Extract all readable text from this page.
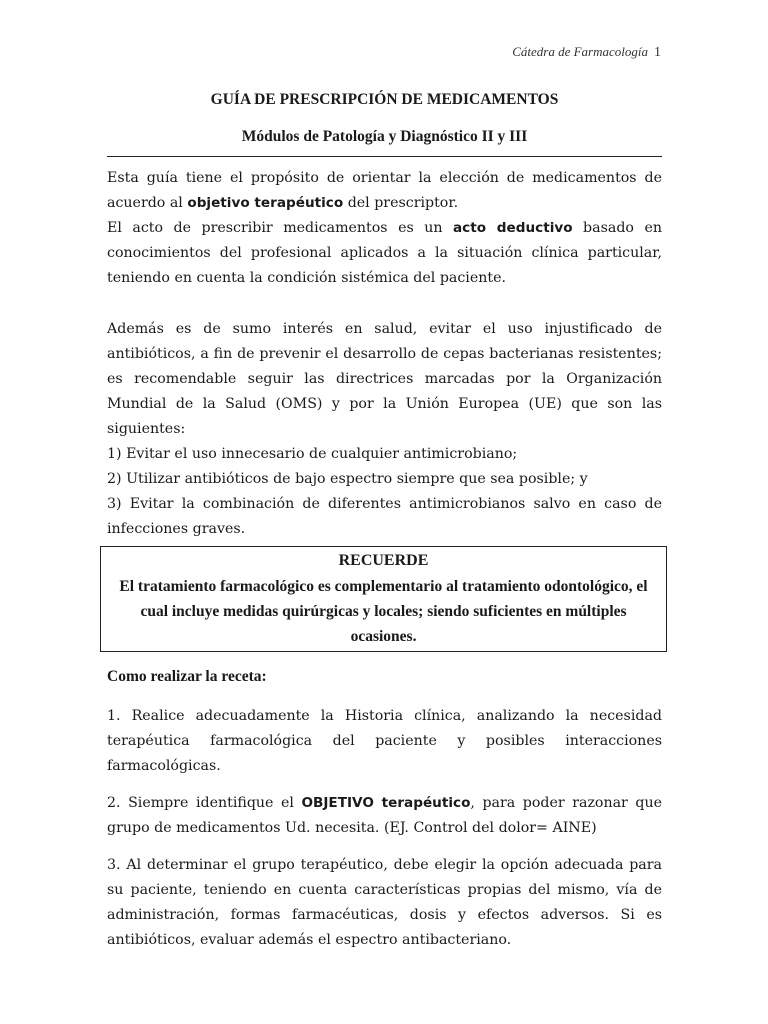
Cátedra de Farmacología 1
GUÍA DE PRESCRIPCIÓN DE MEDICAMENTOS
Módulos de Patología y Diagnóstico II y III

Esta guía tiene el propósito de orientar la elección de medicamentos de acuerdo al objetivo terapéutico del prescriptor.

El acto de prescribir medicamentos es un acto deductivo basado en conocimientos del profesional aplicados a la situación clínica particular, teniendo en cuenta la condición sistémica del paciente.

Además es de sumo interés en salud, evitar el uso injustificado de antibióticos, a fin de prevenir el desarrollo de cepas bacterianas resistentes; es recomendable seguir las directrices marcadas por la Organización Mundial de la Salud (OMS) y por la Unión Europea (UE) que son las siguientes:

1) Evitar el uso innecesario de cualquier antimicrobiano;

2) Utilizar antibióticos de bajo espectro siempre que sea posible; y

3) Evitar la combinación de diferentes antimicrobianos salvo en caso de infecciones graves.

RECUERDE
El tratamiento farmacológico es complementario al tratamiento odontológico, el cual incluye medidas quirúrgicas y locales; siendo suficientes en múltiples ocasiones.
Como realizar la receta:

1. Realice adecuadamente la Historia clínica, analizando la necesidad terapéutica farmacológica del paciente y posibles interacciones farmacológicas.

2. Siempre identifique el OBJETIVO terapéutico, para poder razonar que grupo de medicamentos Ud. necesita. (EJ. Control del dolor= AINE)

3. Al determinar el grupo terapéutico, debe elegir la opción adecuada para su paciente, teniendo en cuenta características propias del mismo, vía de administración, formas farmacéuticas, dosis y efectos adversos. Si es antibióticos, evaluar además el espectro antibacteriano.
